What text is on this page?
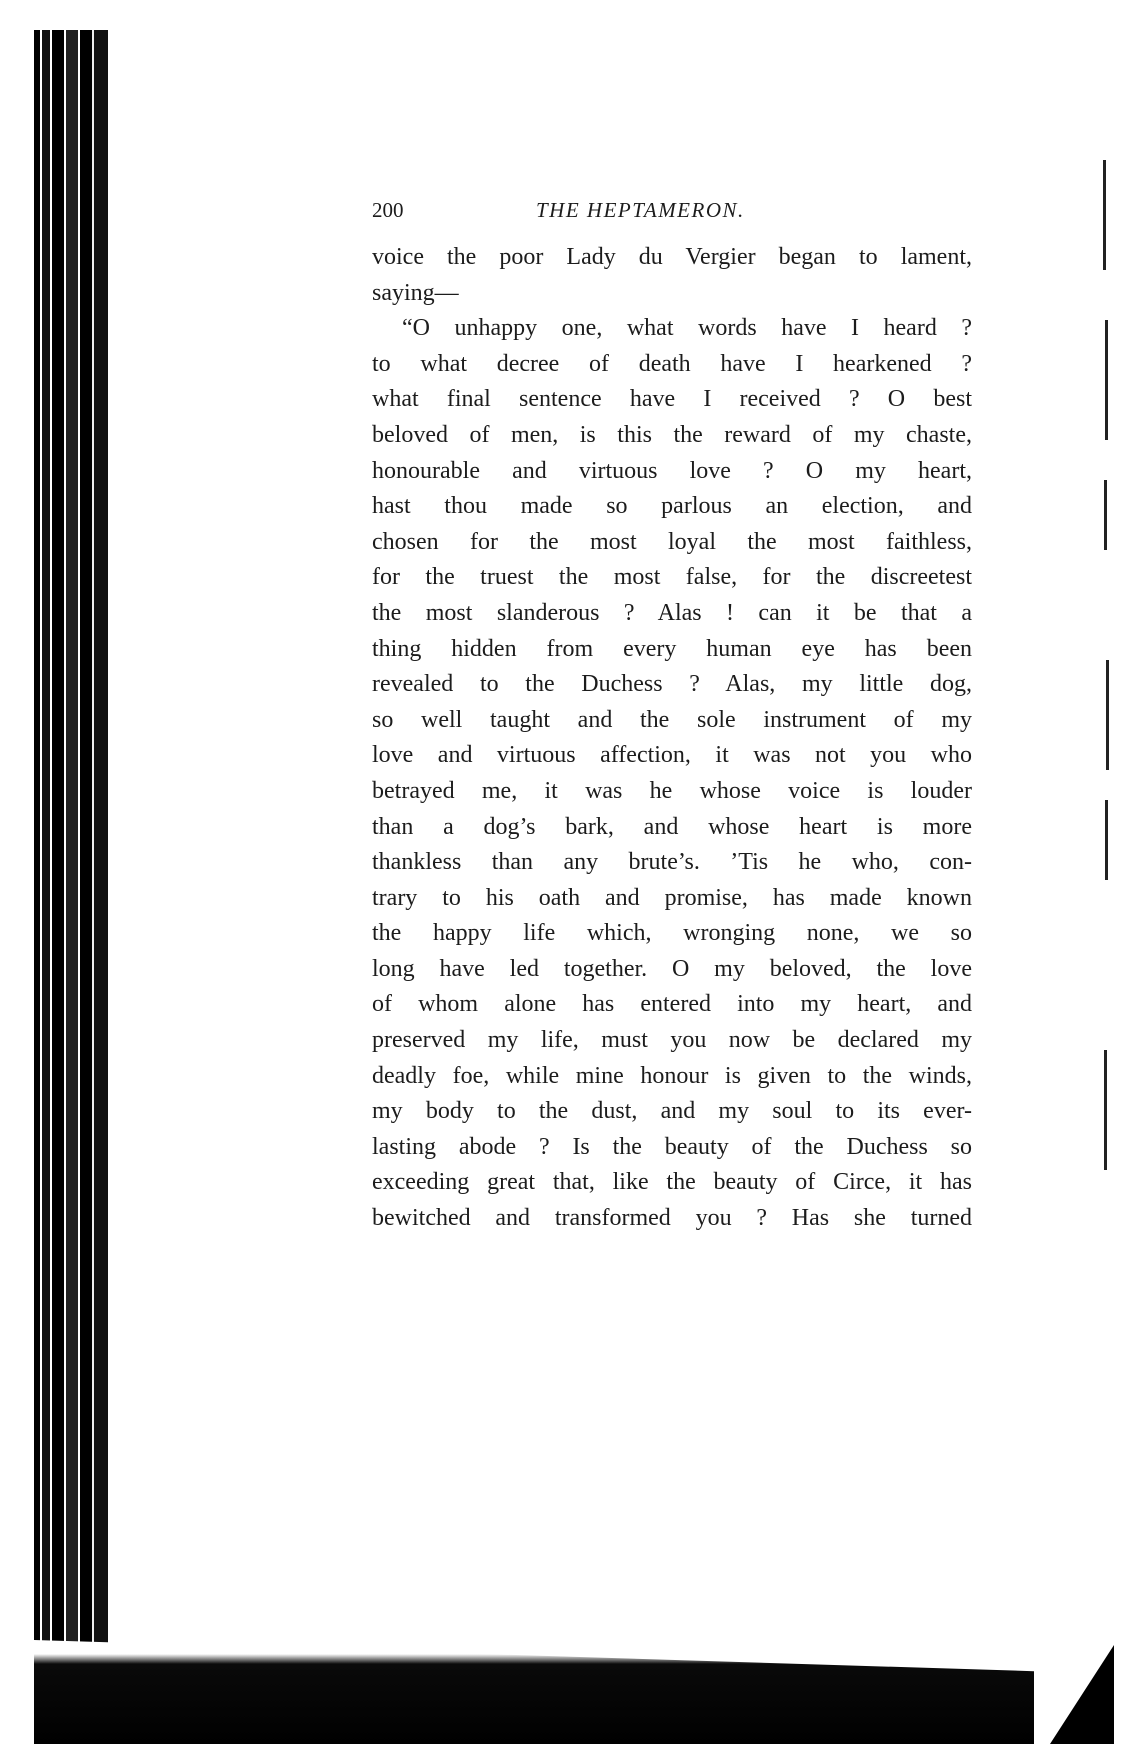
200	THE HEPTAMERON.
voice the poor Lady du Vergier began to lament,
saying—
“O unhappy one, what words have I heard ?
to what decree of death have I hearkened ?
what final sentence have I received ? O best
beloved of men, is this the reward of my chaste,
honourable and virtuous love ? O my heart,
hast thou made so parlous an election, and
chosen for the most loyal the most faithless,
for the truest the most false, for the discreetest
the most slanderous ? Alas ! can it be that a
thing hidden from every human eye has been
revealed to the Duchess ? Alas, my little dog,
so well taught and the sole instrument of my
love and virtuous affection, it was not you who
betrayed me, it was he whose voice is louder
than a dog’s bark, and whose heart is more
thankless than any brute’s. ’Tis he who, con-
trary to his oath and promise, has made known
the happy life which, wronging none, we so
long have led together. O my beloved, the love
of whom alone has entered into my heart, and
preserved my life, must you now be declared my
deadly foe, while mine honour is given to the winds,
my body to the dust, and my soul to its ever-
lasting abode ? Is the beauty of the Duchess so
exceeding great that, like the beauty of Circe, it has
bewitched and transformed you ? Has she turned
